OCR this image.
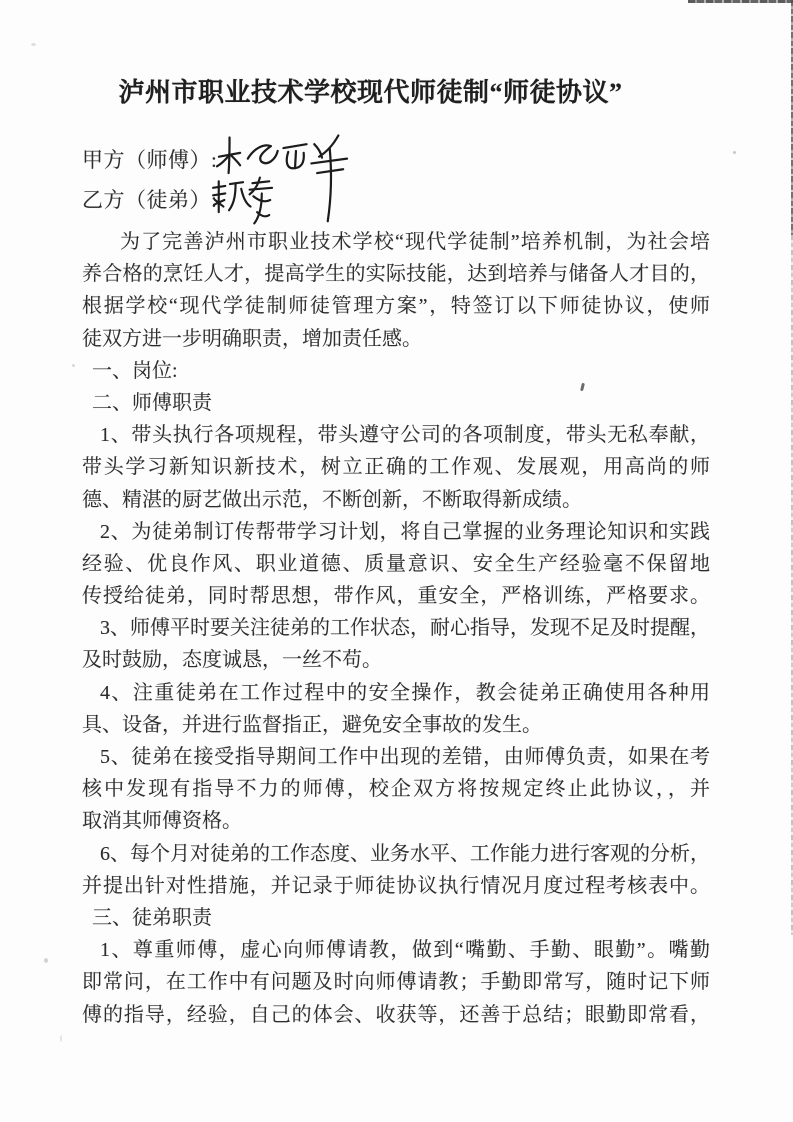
泸州市职业技术学校现代师徒制“师徒协议”
甲方（师傅）:
乙方（徒弟）:
为了完善泸州市职业技术学校“现代学徒制”培养机制，为社会培
养合格的烹饪人才，提高学生的实际技能，达到培养与储备人才目的，
根据学校“现代学徒制师徒管理方案”，特签订以下师徒协议，使师
徒双方进一步明确职责，增加责任感。
一、岗位:
二、师傅职责
1、带头执行各项规程，带头遵守公司的各项制度，带头无私奉献，
带头学习新知识新技术，树立正确的工作观、发展观，用高尚的师
德、精湛的厨艺做出示范，不断创新，不断取得新成绩。
2、为徒弟制订传帮带学习计划，将自己掌握的业务理论知识和实践
经验、优良作风、职业道德、质量意识、安全生产经验毫不保留地
传授给徒弟，同时帮思想，带作风，重安全，严格训练，严格要求。
3、师傅平时要关注徒弟的工作状态，耐心指导，发现不足及时提醒，
及时鼓励，态度诚恳，一丝不苟。
4、注重徒弟在工作过程中的安全操作，教会徒弟正确使用各种用
具、设备，并进行监督指正，避免安全事故的发生。
5、徒弟在接受指导期间工作中出现的差错，由师傅负责，如果在考
核中发现有指导不力的师傅，校企双方将按规定终止此协议，，并
取消其师傅资格。
6、每个月对徒弟的工作态度、业务水平、工作能力进行客观的分析，
并提出针对性措施，并记录于师徒协议执行情况月度过程考核表中。
三、徒弟职责
1、尊重师傅，虚心向师傅请教，做到“嘴勤、手勤、眼勤”。嘴勤
即常问，在工作中有问题及时向师傅请教；手勤即常写，随时记下师
傅的指导，经验，自己的体会、收获等，还善于总结；眼勤即常看，
